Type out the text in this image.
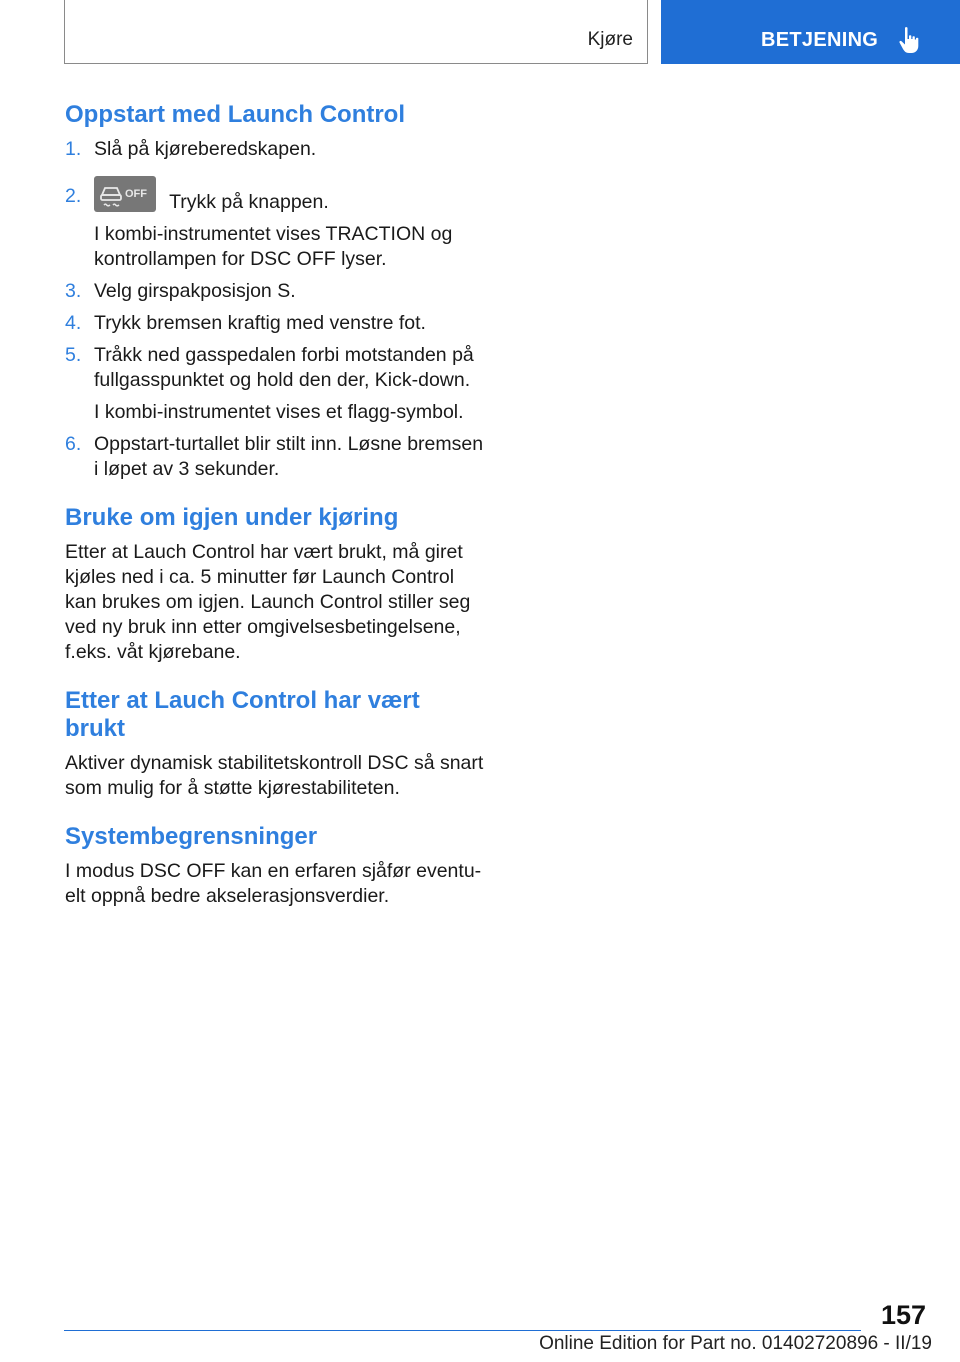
Kjøre	BETJENING
Oppstart med Launch Control
1. Slå på kjøreberedskapen.
2.	OFF Trykk på knappen.
I kombi-instrumentet vises TRACTION og kontrollampen for DSC OFF lyser.
3. Velg girspakposisjon S.
4. Trykk bremsen kraftig med venstre fot.
5. Tråkk ned gasspedalen forbi motstanden på fullgasspunktet og hold den der, Kick-down.
I kombi-instrumentet vises et flagg-symbol.
6. Oppstart-turtallet blir stilt inn. Løsne bremsen i løpet av 3 sekunder.
Bruke om igjen under kjøring

Etter at Lauch Control har vært brukt, må giret kjøles ned i ca. 5 minutter før Launch Control kan brukes om igjen. Launch Control stiller seg ved ny bruk inn etter omgivelsesbetingelsene, f.eks. våt kjørebane.

Etter at Lauch Control har vært brukt

Aktiver dynamisk stabilitetskontroll DSC så snart som mulig for å støtte kjørestabiliteten.

Systembegrensninger

I modus DSC OFF kan en erfaren sjåfør eventu-elt oppnå bedre akselerasjonsverdier.

157
Online Edition for Part no. 01402720896 - II/19
